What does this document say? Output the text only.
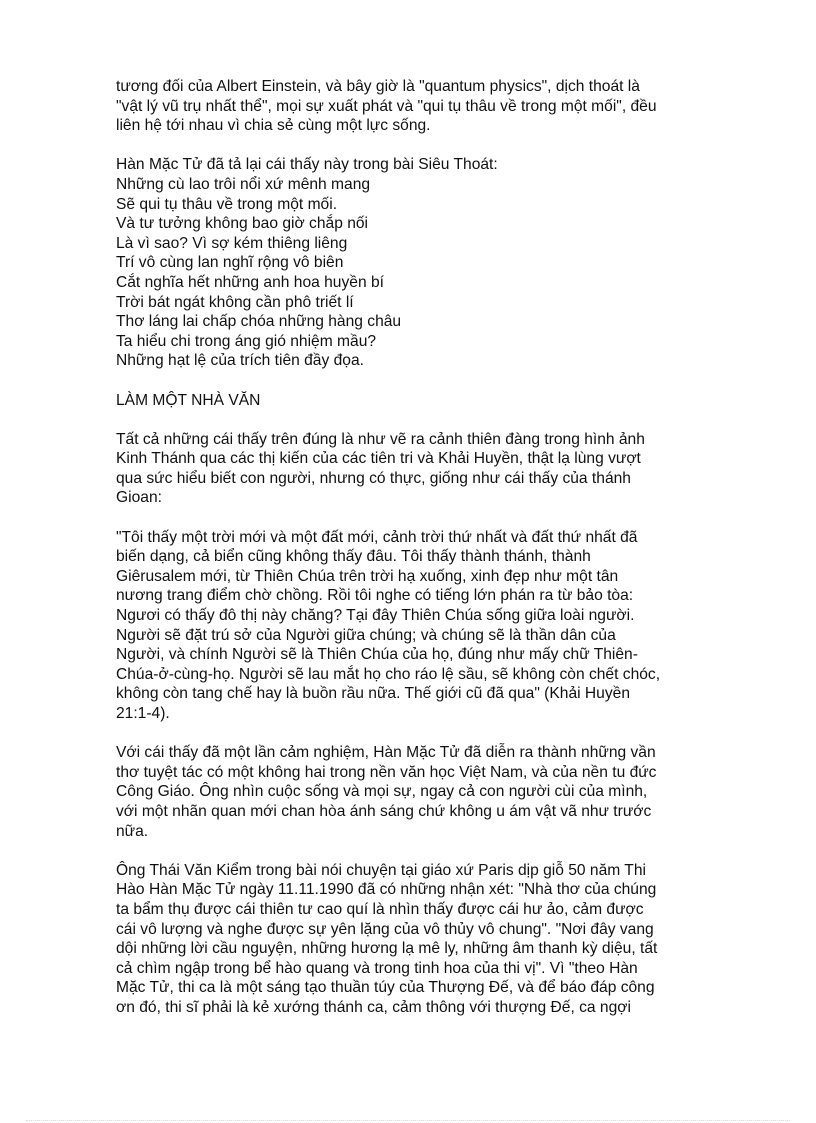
tương đối của Albert Einstein, và bây giờ là "quantum physics", dịch thoát là
"vật lý vũ trụ nhất thể", mọi sự xuất phát và "qui tụ thâu về trong một mối", đều
liên hệ tới nhau vì chia sẻ cùng một lực sống.
Hàn Mặc Tử đã tả lại cái thấy này trong bài Siêu Thoát:
Những cù lao trôi nổi xứ mênh mang
Sẽ qui tụ thâu về trong một mối.
Và tư tưởng không bao giờ chắp nối
Là vì sao? Vì sợ kém thiêng liêng
Trí vô cùng lan nghĩ rộng vô biên
Cắt nghĩa hết những anh hoa huyền bí
Trời bát ngát không cần phô triết lí
Thơ láng lai chấp chóa những hàng châu
Ta hiểu chi trong áng gió nhiệm mầu?
Những hạt lệ của trích tiên đầy đọa.
LÀM MỘT NHÀ VĂN
Tất cả những cái thấy trên đúng là như vẽ ra cảnh thiên đàng trong hình ảnh
Kinh Thánh qua các thị kiến của các tiên tri và Khải Huyền, thật lạ lùng vượt
qua sức hiểu biết con người, nhưng có thực, giống như cái thấy của thánh
Gioan:
"Tôi thấy một trời mới và một đất mới, cảnh trời thứ nhất và đất thứ nhất đã
biến dạng, cả biển cũng không thấy đâu. Tôi thấy thành thánh, thành
Giêrusalem mới, từ Thiên Chúa trên trời hạ xuống, xinh đẹp như một tân
nương trang điểm chờ chồng. Rồi tôi nghe có tiếng lớn phán ra từ bảo tòa:
Ngươi có thấy đô thị này chăng? Tại đây Thiên Chúa sống giữa loài người.
Người sẽ đặt trú sở của Người giữa chúng; và chúng sẽ là thần dân của
Người, và chính Người sẽ là Thiên Chúa của họ, đúng như mấy chữ Thiên-
Chúa-ở-cùng-họ. Người sẽ lau mắt họ cho ráo lệ sầu, sẽ không còn chết chóc,
không còn tang chế hay là buồn rầu nữa. Thế giới cũ đã qua" (Khải Huyền
21:1-4).
Với cái thấy đã một lần cảm nghiệm, Hàn Mặc Tử đã diễn ra thành những vần
thơ tuyệt tác có một không hai trong nền văn học Việt Nam, và của nền tu đức
Công Giáo. Ông nhìn cuộc sống và mọi sự, ngay cả con người cùi của mình,
với một nhãn quan mới chan hòa ánh sáng chứ không u ám vật vã như trước
nữa.
Ông Thái Văn Kiểm trong bài nói chuyện tại giáo xứ Paris dịp giỗ 50 năm Thi
Hào Hàn Mặc Tử ngày 11.11.1990 đã có những nhận xét: "Nhà thơ của chúng
ta bẩm thụ được cái thiên tư cao quí là nhìn thấy được cái hư ảo, cảm được
cái vô lượng và nghe được sự yên lặng của vô thủy vô chung". "Nơi đây vang
dội những lời cầu nguyện, những hương lạ mê ly, những âm thanh kỳ diệu, tất
cả chìm ngập trong bể hào quang và trong tinh hoa của thi vị". Vì "theo Hàn
Mặc Tử, thi ca là một sáng tạo thuần túy của Thượng Đế, và để báo đáp công
ơn đó, thi sĩ phải là kẻ xướng thánh ca, cảm thông với thượng Đế, ca ngợi
